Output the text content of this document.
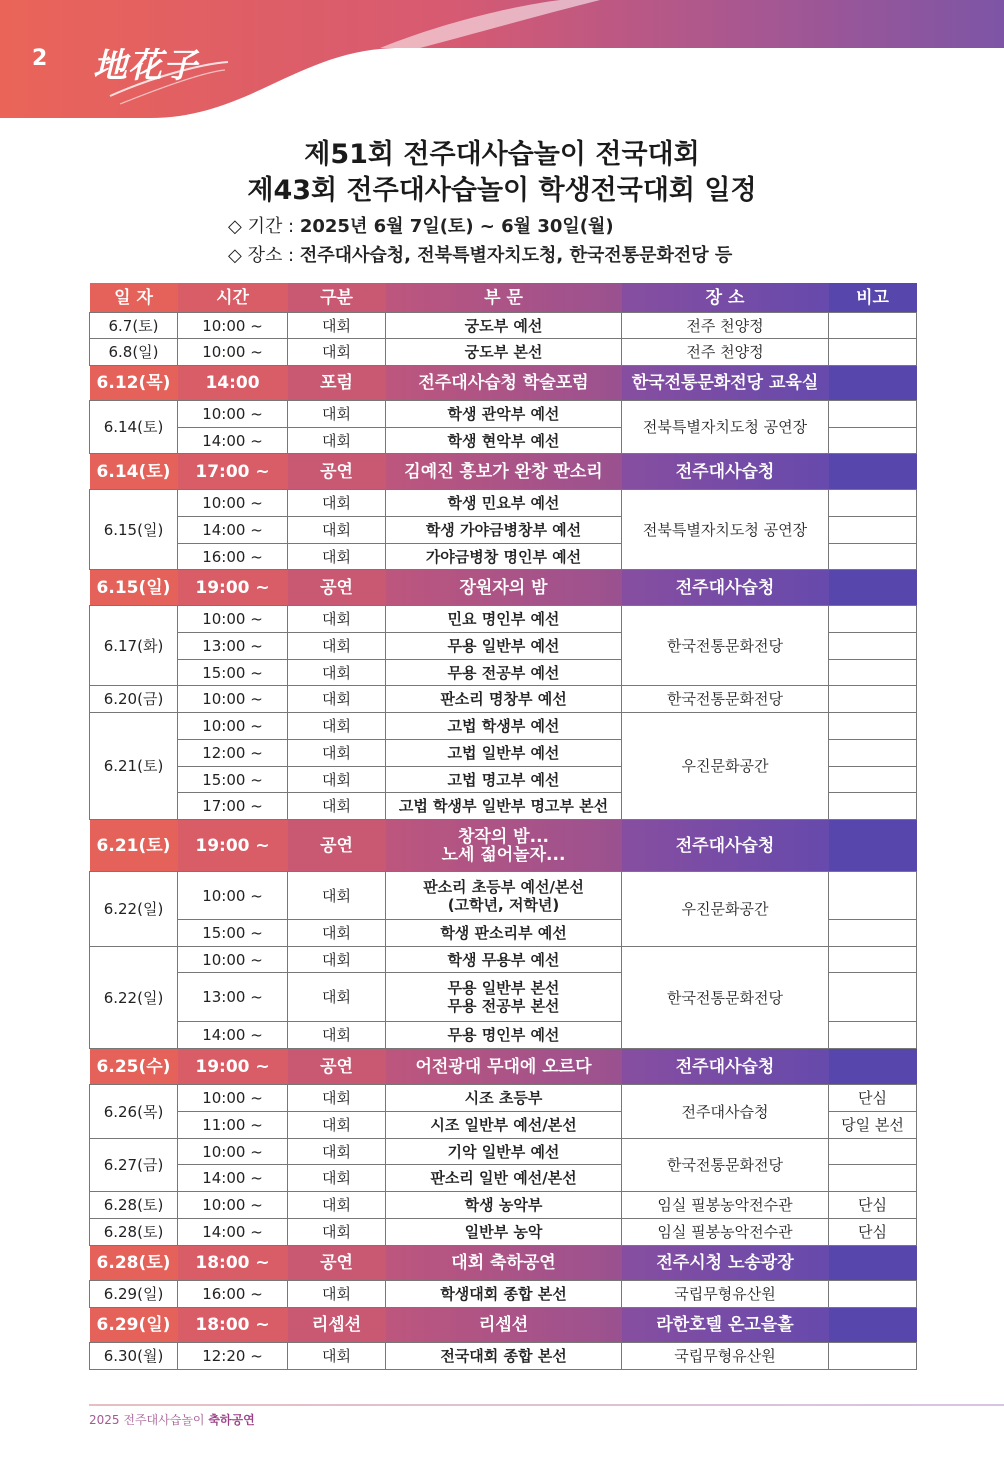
2 地花子
제51회 전주대사습놀이 전국대회
제43회 전주대사습놀이 학생전국대회 일정
◇ 기간 : 2025년 6월 7일(토) ~ 6월 30일(월)
◇ 장소 : 전주대사습청, 전북특별자치도청, 한국전통문화전당 등
일 자	시간	구분	부 문	장 소	비고
6.7(토)	10:00 ~	대회	궁도부 예선	전주 천양정	
6.8(일)	10:00 ~	대회	궁도부 본선	전주 천양정	
6.12(목)	14:00	포럼	전주대사습청 학술포럼	한국전통문화전당 교육실	
6.14(토)	10:00 ~	대회	학생 관악부 예선	전북특별자치도청 공연장	
	14:00 ~	대회	학생 현악부 예선		
6.14(토)	17:00 ~	공연	김예진 흥보가 완창 판소리	전주대사습청	
6.15(일)	10:00 ~	대회	학생 민요부 예선	전북특별자치도청 공연장	
	14:00 ~	대회	학생 가야금병창부 예선		
	16:00 ~	대회	가야금병창 명인부 예선		
6.15(일)	19:00 ~	공연	장원자의 밤	전주대사습청	
6.17(화)	10:00 ~	대회	민요 명인부 예선	한국전통문화전당	
	13:00 ~	대회	무용 일반부 예선		
	15:00 ~	대회	무용 전공부 예선		
6.20(금)	10:00 ~	대회	판소리 명창부 예선	한국전통문화전당	
6.21(토)	10:00 ~	대회	고법 학생부 예선	우진문화공간	
	12:00 ~	대회	고법 일반부 예선		
	15:00 ~	대회	고법 명고부 예선		
	17:00 ~	대회	고법 학생부 일반부 명고부 본선		
6.21(토)	19:00 ~	공연	창작의 밤...
노세 젊어놀자...	전주대사습청	
6.22(일)	10:00 ~	대회	판소리 초등부 예선/본선
(고학년, 저학년)	우진문화공간	
	15:00 ~	대회	학생 판소리부 예선		
6.22(일)	10:00 ~	대회	학생 무용부 예선	한국전통문화전당	
	13:00 ~	대회	무용 일반부 본선
무용 전공부 본선		
	14:00 ~	대회	무용 명인부 예선		
6.25(수)	19:00 ~	공연	어전광대 무대에 오르다	전주대사습청	
6.26(목)	10:00 ~	대회	시조 초등부	전주대사습청	단심
	11:00 ~	대회	시조 일반부 예선/본선		당일 본선
6.27(금)	10:00 ~	대회	기악 일반부 예선	한국전통문화전당	
	14:00 ~	대회	판소리 일반 예선/본선		
6.28(토)	10:00 ~	대회	학생 농악부	임실 필봉농악전수관	단심
6.28(토)	14:00 ~	대회	일반부 농악	임실 필봉농악전수관	단심
6.28(토)	18:00 ~	공연	대회 축하공연	전주시청 노송광장	
6.29(일)	16:00 ~	대회	학생대회 종합 본선	국립무형유산원	
6.29(일)	18:00 ~	리셉션	리셉션	라한호텔 온고을홀	
6.30(월)	12:20 ~	대회	전국대회 종합 본선	국립무형유산원	
2025 전주대사습놀이 축하공연
